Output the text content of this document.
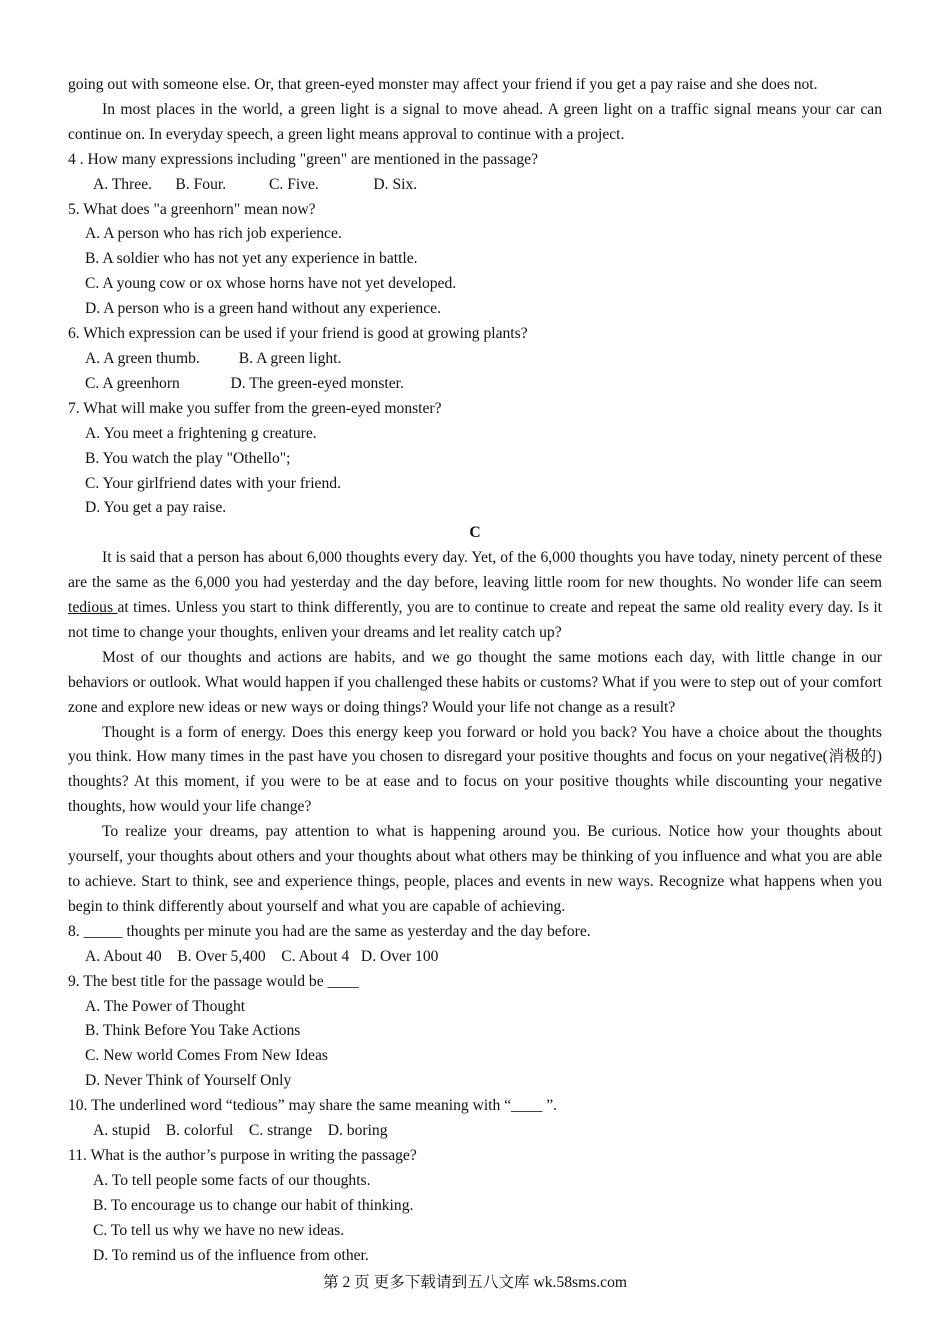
going out with someone else. Or, that green-eyed monster may affect your friend if you get a pay raise and she does not.

In most places in the world, a green light is a signal to move ahead. A green light on a traffic signal means your car can continue on. In everyday speech, a green light means approval to continue with a project.

4 . How many expressions including "green" are mentioned in the passage?
A. Three.      B. Four.           C. Five.              D. Six.
5. What does "a greenhorn" mean now?
A. A person who has rich job experience.
B. A soldier who has not yet any experience in battle.
C. A young cow or ox whose horns have not yet developed.
D. A person who is a green hand without any experience.
6. Which expression can be used if your friend is good at growing plants?
A. A green thumb.          B. A green light.
C. A greenhorn             D. The green-eyed monster.
7. What will make you suffer from the green-eyed monster?
A. You meet a frightening g creature.
B. You watch the play "Othello";
C. Your girlfriend dates with your friend.
D. You get a pay raise.
C

It is said that a person has about 6,000 thoughts every day. Yet, of the 6,000 thoughts you have today, ninety percent of these are the same as the 6,000 you had yesterday and the day before, leaving little room for new thoughts. No wonder life can seem tedious at times. Unless you start to think differently, you are to continue to create and repeat the same old reality every day. Is it not time to change your thoughts, enliven your dreams and let reality catch up?

Most of our thoughts and actions are habits, and we go thought the same motions each day, with little change in our behaviors or outlook. What would happen if you challenged these habits or customs? What if you were to step out of your comfort zone and explore new ideas or new ways or doing things? Would your life not change as a result?

Thought is a form of energy. Does this energy keep you forward or hold you back? You have a choice about the thoughts you think. How many times in the past have you chosen to disregard your positive thoughts and focus on your negative(消极的) thoughts? At this moment, if you were to be at ease and to focus on your positive thoughts while discounting your negative thoughts, how would your life change?

To realize your dreams, pay attention to what is happening around you. Be curious. Notice how your thoughts about yourself, your thoughts about others and your thoughts about what others may be thinking of you influence and what you are able to achieve. Start to think, see and experience things, people, places and events in new ways. Recognize what happens when you begin to think differently about yourself and what you are capable of achieving.

8. _____ thoughts per minute you had are the same as yesterday and the day before.
A. About 40    B. Over 5,400    C. About 4   D. Over 100
9. The best title for the passage would be ____
A. The Power of Thought
B. Think Before You Take Actions
C. New world Comes From New Ideas
D. Never Think of Yourself Only
10. The underlined word “tedious” may share the same meaning with “____ ”.
A. stupid    B. colorful    C. strange    D. boring
11. What is the author’s purpose in writing the passage?
A. To tell people some facts of our thoughts.
B. To encourage us to change our habit of thinking.
C. To tell us why we have no new ideas.
D. To remind us of the influence from other.
第 2 页 更多下载请到五八文库 wk.58sms.com
